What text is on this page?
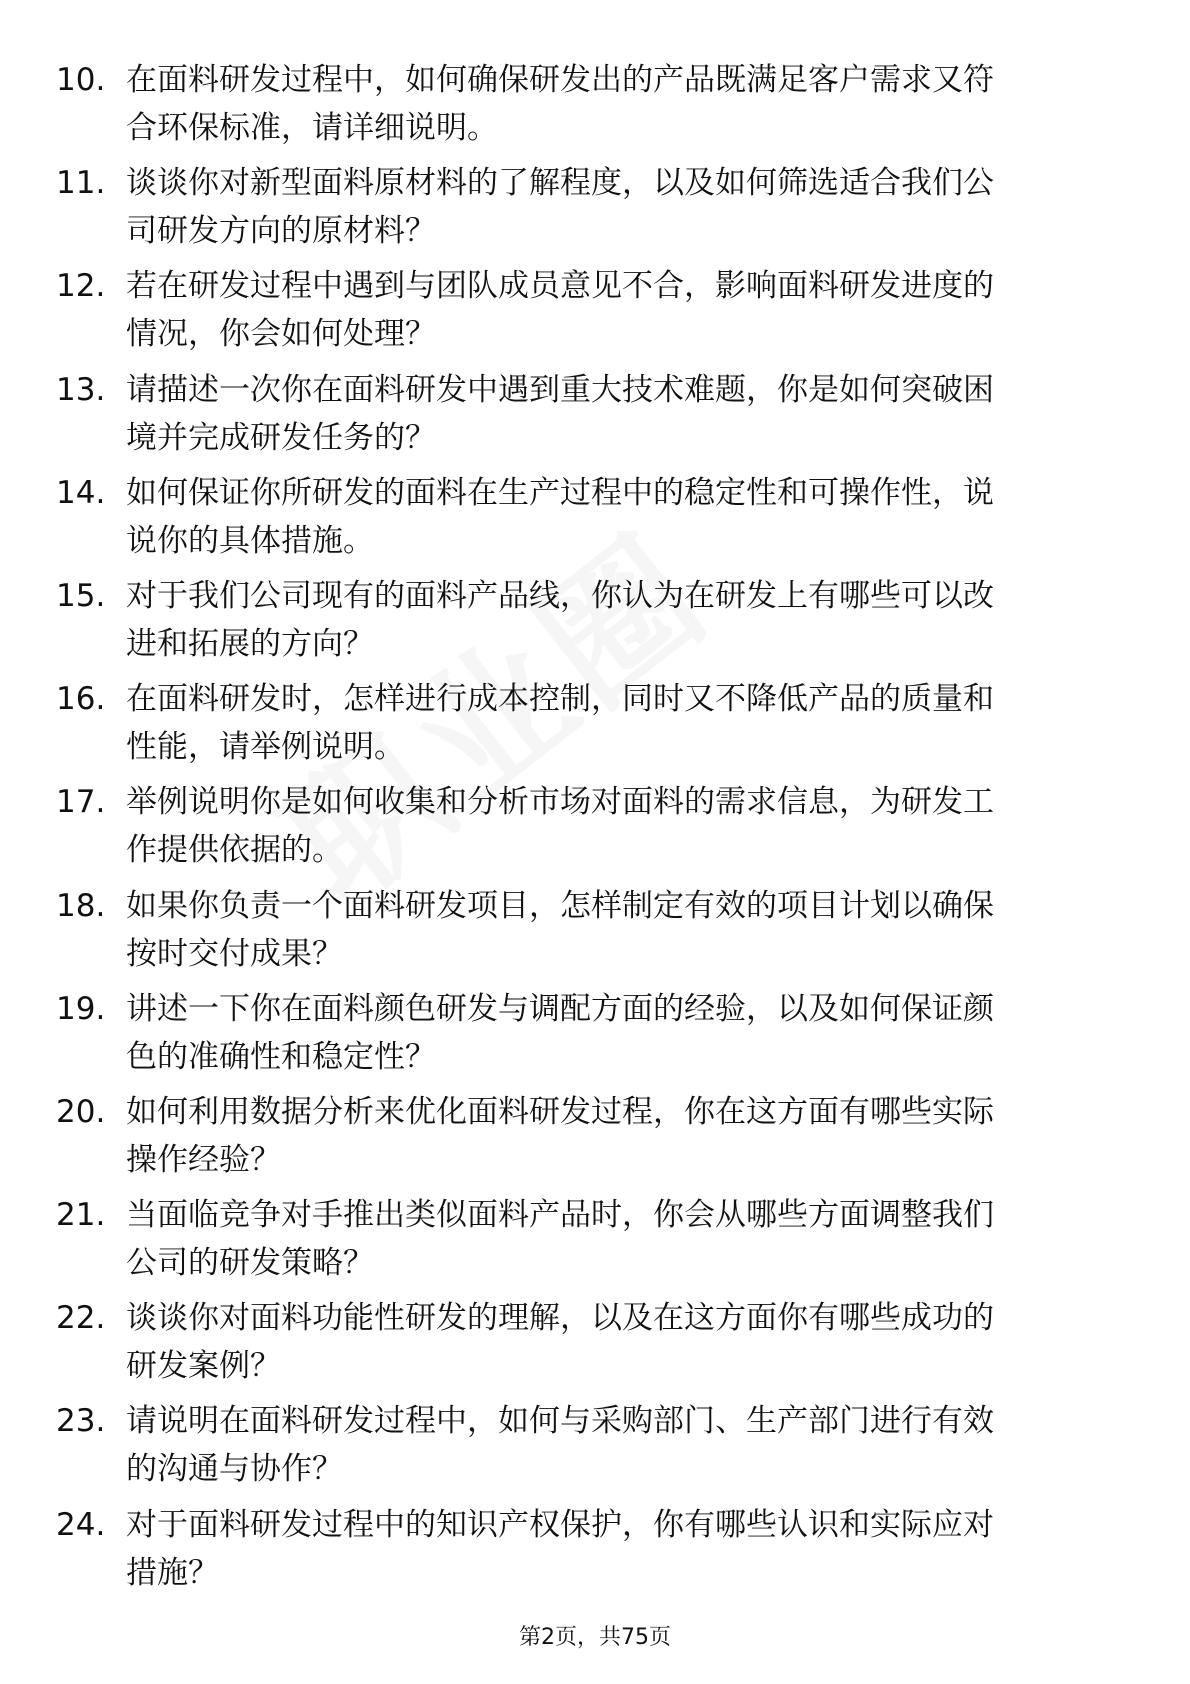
10. 在面料研发过程中，如何确保研发出的产品既满足客户需求又符
合环保标准，请详细说明。
11. 谈谈你对新型面料原材料的了解程度，以及如何筛选适合我们公
司研发方向的原材料？
12. 若在研发过程中遇到与团队成员意见不合，影响面料研发进度的
情况，你会如何处理？
13. 请描述一次你在面料研发中遇到重大技术难题，你是如何突破困
境并完成研发任务的？
14. 如何保证你所研发的面料在生产过程中的稳定性和可操作性，说
说你的具体措施。
15. 对于我们公司现有的面料产品线，你认为在研发上有哪些可以改
进和拓展的方向？
16. 在面料研发时，怎样进行成本控制，同时又不降低产品的质量和
性能，请举例说明。
17. 举例说明你是如何收集和分析市场对面料的需求信息，为研发工
作提供依据的。
18. 如果你负责一个面料研发项目，怎样制定有效的项目计划以确保
按时交付成果？
19. 讲述一下你在面料颜色研发与调配方面的经验，以及如何保证颜
色的准确性和稳定性？
20. 如何利用数据分析来优化面料研发过程，你在这方面有哪些实际
操作经验？
21. 当面临竞争对手推出类似面料产品时，你会从哪些方面调整我们
公司的研发策略？
22. 谈谈你对面料功能性研发的理解，以及在这方面你有哪些成功的
研发案例？
23. 请说明在面料研发过程中，如何与采购部门、生产部门进行有效
的沟通与协作？
24. 对于面料研发过程中的知识产权保护，你有哪些认识和实际应对
措施？
第2页，共75页
